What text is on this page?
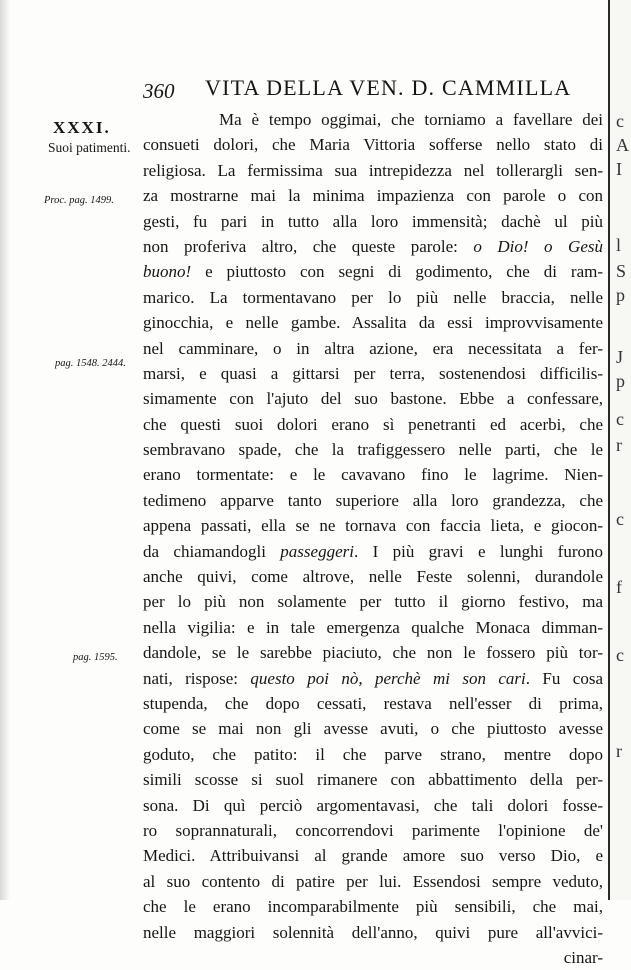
360 VITA DELLA VEN. D. CAMMILLA
XXXI.
Suoi patimenti.
Proc. pag. 1499.
pag. 1548. 2444.
pag. 1595.
Ma è tempo oggimai, che torniamo a favellare dei
consueti dolori, che Maria Vittoria sofferse nello stato di
religiosa. La fermissima sua intrepidezza nel tollerargli sen-
za mostrarne mai la minima impazienza con parole o con
gesti, fu pari in tutto alla loro immensità; dachè ul più
non proferiva altro, che queste parole: o Dio! o Gesù
buono! e piuttosto con segni di godimento, che di ram-
marico. La tormentavano per lo più nelle braccia, nelle
ginocchia, e nelle gambe. Assalita da essi improvvisamente
nel camminare, o in altra azione, era necessitata a fer-
marsi, e quasi a gittarsi per terra, sostenendosi difficilis-
simamente con l'ajuto del suo bastone. Ebbe a confessare,
che questi suoi dolori erano sì penetranti ed acerbi, che
sembravano spade, che la trafiggessero nelle parti, che le
erano tormentate: e le cavavano fino le lagrime. Nien-
tedimeno apparve tanto superiore alla loro grandezza, che
appena passati, ella se ne tornava con faccia lieta, e giocon-
da chiamandogli passeggeri. I più gravi e lunghi furono
anche quivi, come altrove, nelle Feste solenni, durandole
per lo più non solamente per tutto il giorno festivo, ma
nella vigilia: e in tale emergenza qualche Monaca dimman-
dandole, se le sarebbe piaciuto, che non le fossero più tor-
nati, rispose: questo poi nò, perchè mi son cari. Fu cosa
stupenda, che dopo cessati, restava nell'esser di prima,
come se mai non gli avesse avuti, o che piuttosto avesse
goduto, che patito: il che parve strano, mentre dopo
simili scosse si suol rimanere con abbattimento della per-
sona. Di quì perciò argomentavasi, che tali dolori fosse-
ro soprannaturali, concorrendovi parimente l'opinione de'
Medici. Attribuivansi al grande amore suo verso Dio, e
al suo contento di patire per lui. Essendosi sempre veduto,
che le erano incomparabilmente più sensibili, che mai,
nelle maggiori solennità dell'anno, quivi pure all'avvici-
cinar-
c
A
I
l
S
p
J
p
c
r
c
f
c
r
